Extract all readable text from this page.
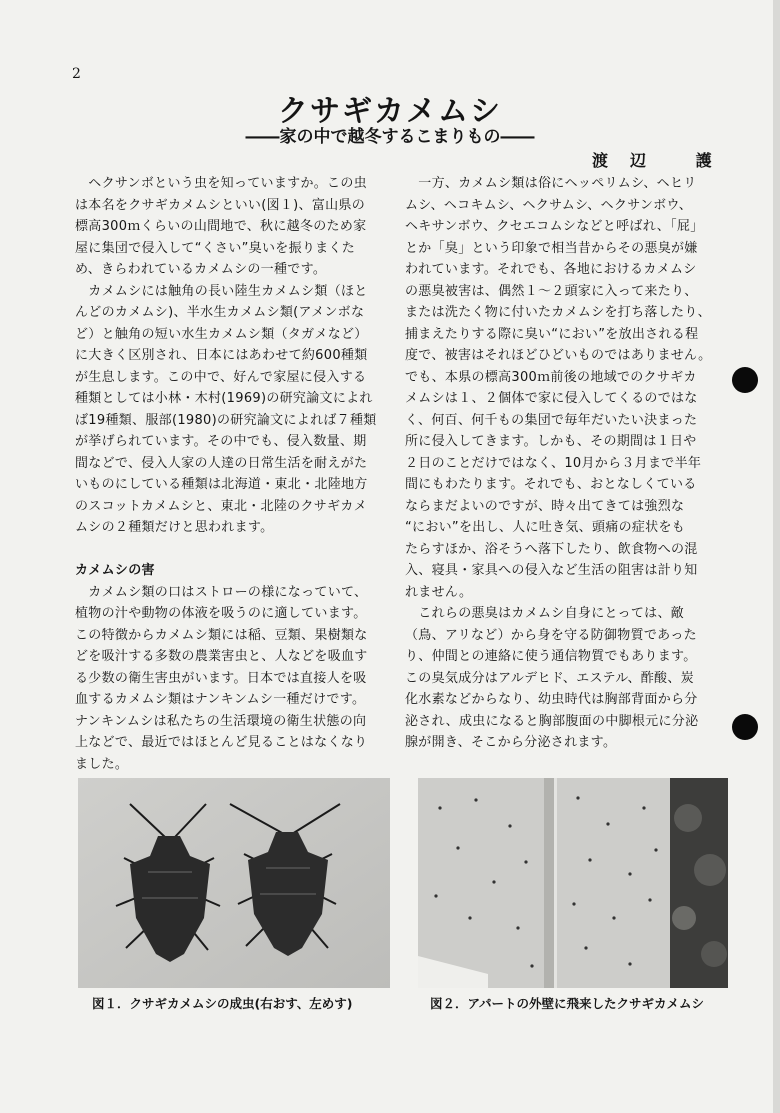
2
クサギカメムシ
――家の中で越冬するこまりもの――
渡辺 護
　ヘクサンボという虫を知っていますか。この虫
は本名をクサギカメムシといい(図１)、富山県の
標高300ｍくらいの山間地で、秋に越冬のため家
屋に集団で侵入して“くさい”臭いを振りまくた
め、きらわれているカメムシの一種です。
　カメムシには触角の長い陸生カメムシ類（ほと
んどのカメムシ)、半水生カメムシ類(アメンボな
ど）と触角の短い水生カメムシ類（タガメなど）
に大きく区別され、日本にはあわせて約600種類
が生息します。この中で、好んで家屋に侵入する
種類としては小林・木村(1969)の研究論文によれ
ば19種類、服部(1980)の研究論文によれば７種類
が挙げられています。その中でも、侵入数量、期
間などで、侵入人家の人達の日常生活を耐えがた
いものにしている種類は北海道・東北・北陸地方
のスコットカメムシと、東北・北陸のクサギカメ
ムシの２種類だけと思われます。
カメムシの害
　カメムシ類の口はストローの様になっていて、
植物の汁や動物の体液を吸うのに適しています。
この特徴からカメムシ類には稲、豆類、果樹類な
どを吸汁する多数の農業害虫と、人などを吸血す
る少数の衛生害虫がいます。日本では直接人を吸
血するカメムシ類はナンキンムシ一種だけです。
ナンキンムシは私たちの生活環境の衛生状態の向
上などで、最近ではほとんど見ることはなくなり
ました。
　一方、カメムシ類は俗にヘッペリムシ、ヘヒリ
ムシ、ヘコキムシ、ヘクサムシ、ヘクサンボウ、
ヘキサンボウ、クセエコムシなどと呼ばれ、「屁」
とか「臭」という印象で相当昔からその悪臭が嫌
われています。それでも、各地におけるカメムシ
の悪臭被害は、偶然１～２頭家に入って来たり、
または洗たく物に付いたカメムシを打ち落したり、
捕まえたりする際に臭い“におい”を放出される程
度で、被害はそれほどひどいものではありません。
でも、本県の標高300ｍ前後の地域でのクサギカ
メムシは１、２個体で家に侵入してくるのではな
く、何百、何千もの集団で毎年だいたい決まった
所に侵入してきます。しかも、その期間は１日や
２日のことだけではなく、10月から３月まで半年
間にもわたります。それでも、おとなしくている
ならまだよいのですが、時々出てきては強烈な
“におい”を出し、人に吐き気、頭痛の症状をも
たらすほか、浴そうへ落下したり、飲食物への混
入、寝具・家具への侵入など生活の阻害は計り知
れません。
　これらの悪臭はカメムシ自身にとっては、敵
（鳥、アリなど）から身を守る防御物質であった
り、仲間との連絡に使う通信物質でもあります。
この臭気成分はアルデヒド、エステル、酢酸、炭
化水素などからなり、幼虫時代は胸部背面から分
泌され、成虫になると胸部腹面の中脚根元に分泌
腺が開き、そこから分泌されます。
図１．クサギカメムシの成虫(右おす、左めす)	図２．アパートの外壁に飛来したクサギカメムシ
